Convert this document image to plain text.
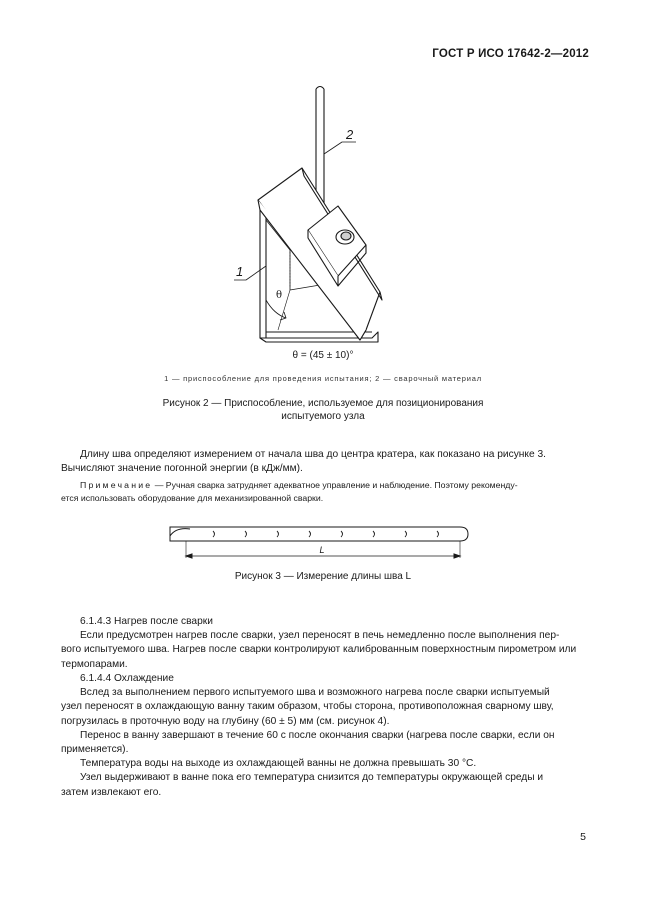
ГОСТ Р ИСО 17642-2—2012
1
2
θ
θ = (45 ± 10)°
1 — приспособление для проведения испытания; 2 — сварочный материал
Рисунок 2 — Приспособление, используемое для позиционирования
испытуемого узла
Длину шва определяют измерением от начала шва до центра кратера, как показано на рисунке 3.
Вычисляют значение погонной энергии (в кДж/мм).
Примечание — Ручная сварка затрудняет адекватное управление и наблюдение. Поэтому рекоменду-
ется использовать оборудование для механизированной сварки.
L
Рисунок 3 — Измерение длины шва L
6.1.4.3 Нагрев после сварки
Если предусмотрен нагрев после сварки, узел переносят в печь немедленно после выполнения пер-
вого испытуемого шва. Нагрев после сварки контролируют калиброванным поверхностным пирометром или
термопарами.
6.1.4.4 Охлаждение
Вслед за выполнением первого испытуемого шва и возможного нагрева после сварки испытуемый
узел переносят в охлаждающую ванну таким образом, чтобы сторона, противоположная сварному шву,
погрузилась в проточную воду на глубину (60 ± 5) мм (см. рисунок 4).
Перенос в ванну завершают в течение 60 с после окончания сварки (нагрева после сварки, если он
применяется).
Температура воды на выходе из охлаждающей ванны не должна превышать 30 °С.
Узел выдерживают в ванне пока его температура снизится до температуры окружающей среды и
затем извлекают его.
5
